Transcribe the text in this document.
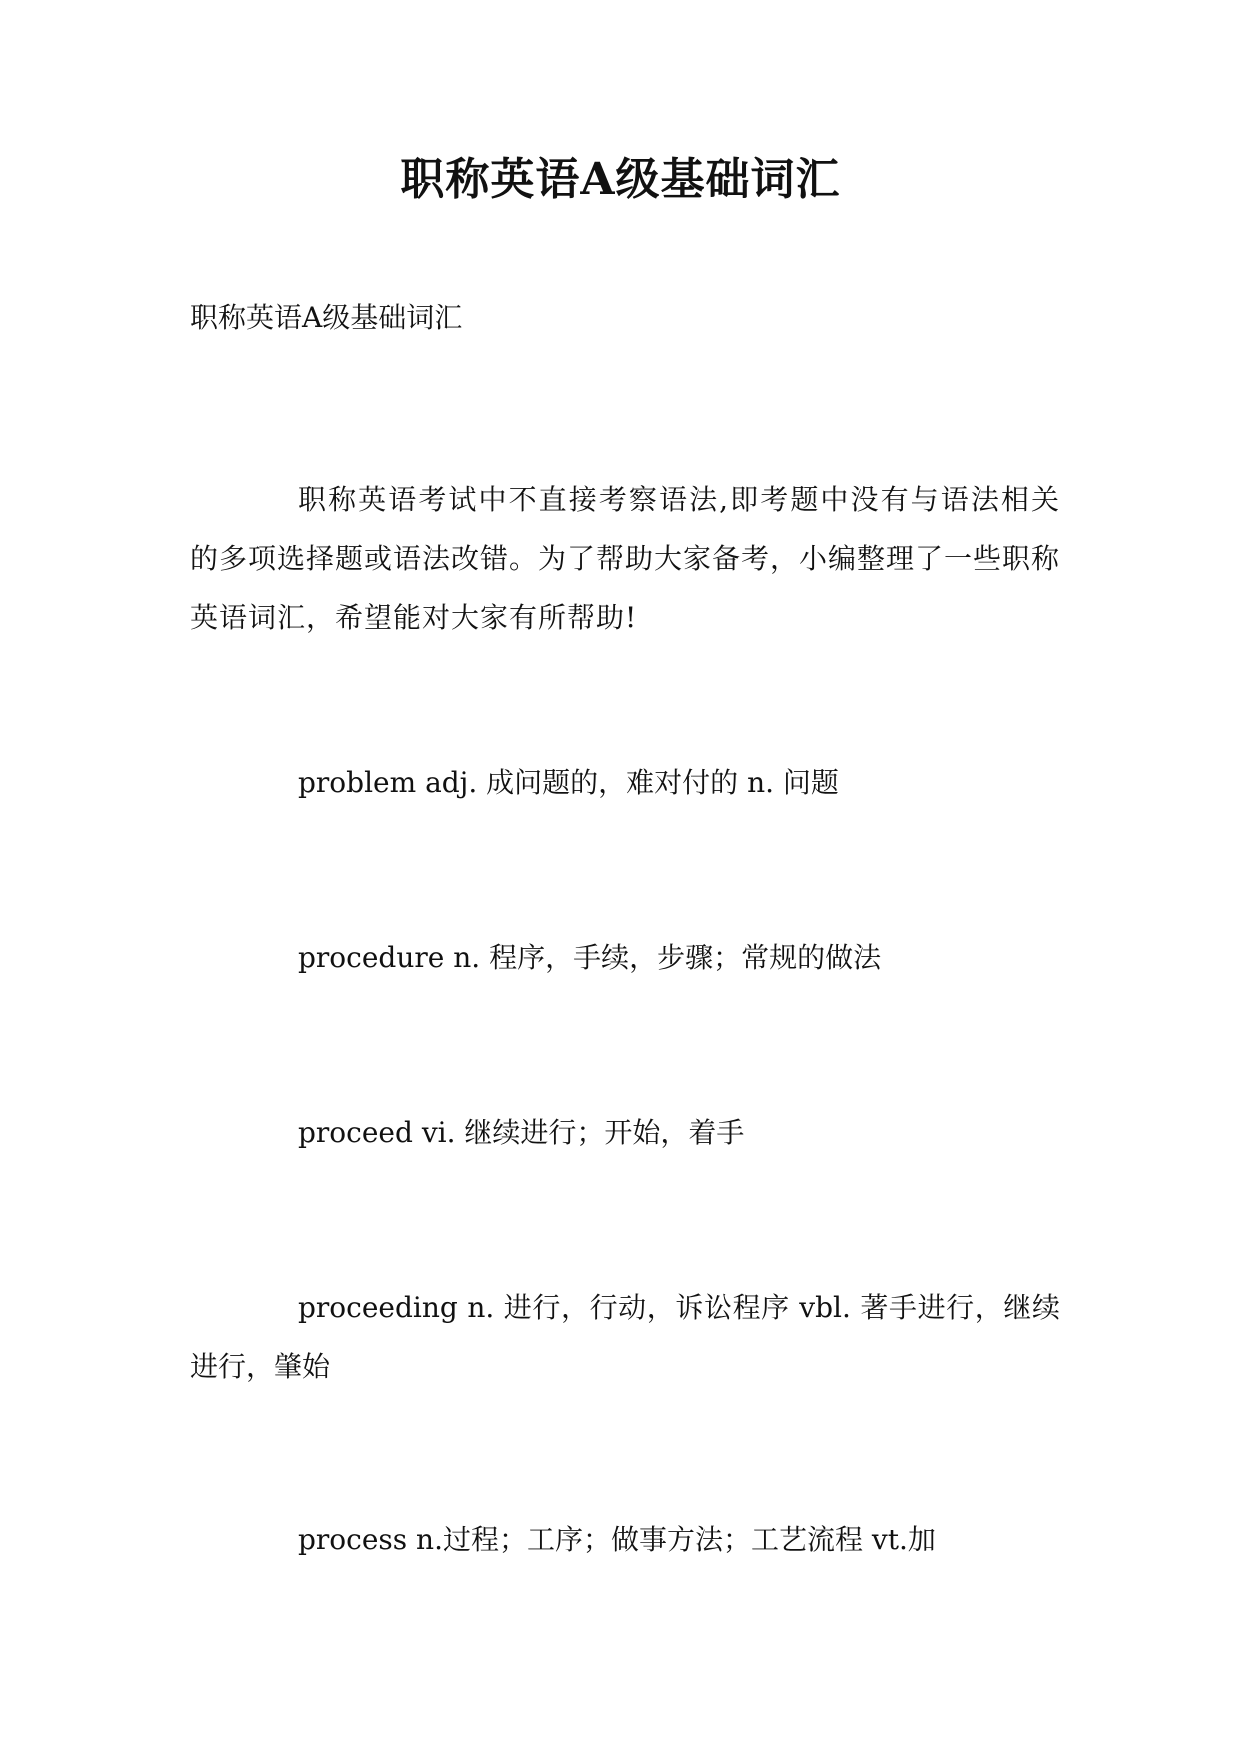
职称英语A级基础词汇
职称英语A级基础词汇
职称英语考试中不直接考察语法,即考题中没有与语法相关的多项选择题或语法改错。为了帮助大家备考，小编整理了一些职称英语词汇，希望能对大家有所帮助!
problem adj. 成问题的，难对付的 n. 问题
procedure n. 程序，手续，步骤；常规的做法
proceed vi. 继续进行；开始，着手
proceeding n. 进行，行动，诉讼程序 vbl. 著手进行，继续进行，肇始
process n.过程；工序；做事方法；工艺流程 vt.加
